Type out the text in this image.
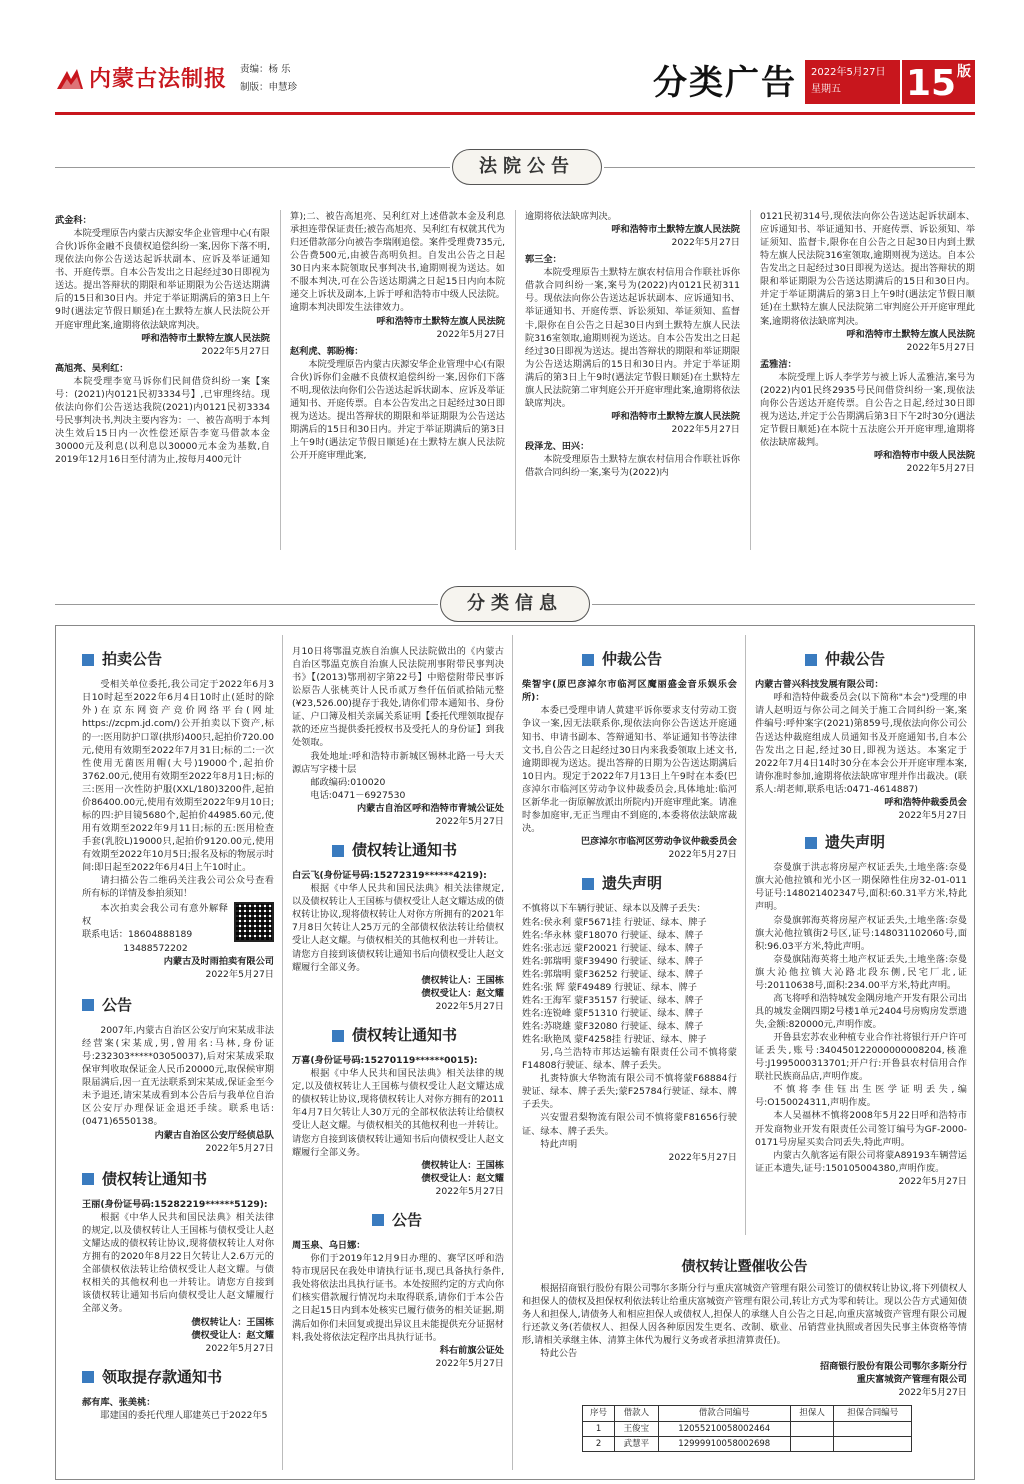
内蒙古法制报 责编：杨 乐
制版：申慧珍	分类广告 2022年5月27日
星期五	15 版
法院公告
武金科：

本院受理原告内蒙古庆源安华企业管理中心(有限合伙)诉你金融不良债权追偿纠纷一案,因你下落不明,现依法向你公告送达起诉状副本、应诉及举证通知书、开庭传票。自本公告发出之日起经过30日即视为送达。提出答辩状的期限和举证期限为公告送达期满后的15日和30日内。并定于举证期满后的第3日上午9时(遇法定节假日顺延)在土默特左旗人民法院公开开庭审理此案,逾期将依法缺席判决。

呼和浩特市土默特左旗人民法院
2022年5月27日
高旭亮、吴利红：

本院受理李宽马诉你们民间借贷纠纷一案【案号：(2021)内0121民初3334号】,已审理终结。现依法向你们公告送达我院(2021)内0121民初3334号民事判决书,判决主要内容为：一、被告高明于本判决生效后15日内一次性偿还原告李宽马借款本金30000元及利息(以利息以30000元本金为基数,自2019年12月16日至付清为止,按每月400元计

算);二、被告高旭亮、吴利红对上述借款本金及利息承担连带保证责任;被告高旭亮、吴利红有权就其代为归还借款部分向被告李瑞刚追偿。案件受理费735元,公告费500元,由被告高明负担。自发出公告之日起30日内来本院领取民事判决书,逾期则视为送达。如不服本判决,可在公告送达期满之日起15日内向本院递交上诉状及副本,上诉于呼和浩特市中级人民法院。逾期本判决即发生法律效力。

呼和浩特市土默特左旗人民法院
2022年5月27日
赵利虎、郭盼梅：

本院受理原告内蒙古庆源安华企业管理中心(有限合伙)诉你们金融不良债权追偿纠纷一案,因你们下落不明,现依法向你们公告送达起诉状副本、应诉及举证通知书、开庭传票。自本公告发出之日起经过30日即视为送达。提出答辩状的期限和举证期限为公告送达期满后的15日和30日内。并定于举证期满后的第3日上午9时(遇法定节假日顺延)在土默特左旗人民法院公开开庭审理此案,

逾期将依法缺席判决。

呼和浩特市土默特左旗人民法院
2022年5月27日
郭三全：

本院受理原告土默特左旗农村信用合作联社诉你借款合同纠纷一案,案号为(2022)内0121民初311号。现依法向你公告送达起诉状副本、应诉通知书、举证通知书、开庭传票、诉讼须知、举证须知、监督卡,限你在自公告之日起30日内到土默特左旗人民法院316室领取,逾期则视为送达。自本公告发出之日起经过30日即视为送达。提出答辩状的期限和举证期限为公告送达期满后的15日和30日内。并定于举证期满后的第3日上午9时(遇法定节假日顺延)在土默特左旗人民法院第二审判庭公开开庭审理此案,逾期将依法缺席判决。

呼和浩特市土默特左旗人民法院
2022年5月27日
段泽龙、田兴：

本院受理原告土默特左旗农村信用合作联社诉你借款合同纠纷一案,案号为(2022)内

0121民初314号,现依法向你公告送达起诉状副本、应诉通知书、举证通知书、开庭传票、诉讼须知、举证须知、监督卡,限你在自公告之日起30日内到土默特左旗人民法院316室领取,逾期则视为送达。自本公告发出之日起经过30日即视为送达。提出答辩状的期限和举证期限为公告送达期满后的15日和30日内。并定于举证期满后的第3日上午9时(遇法定节假日顺延)在土默特左旗人民法院第二审判庭公开开庭审理此案,逾期将依法缺席判决。

呼和浩特市土默特左旗人民法院
2022年5月27日
孟雅洁：

本院受理上诉人李学芳与被上诉人孟雅洁,案号为(2022)内01民终2935号民间借贷纠纷一案,现依法向你公告送达开庭传票。自公告之日起,经过30日即视为送达,并定于公告期满后第3日下午2时30分(遇法定节假日顺延)在本院十五法庭公开开庭审理,逾期将依法缺席裁判。

呼和浩特市中级人民法院
2022年5月27日
分类信息
拍卖公告

受相关单位委托,我公司定于2022年6月3日10时起至2022年6月4日10时止(延时的除外)在京东网资产竞价网络平台(网址https://zcpm.jd.com/)公开拍卖以下资产,标的一:医用防护口罩(拱形)400只,起拍价720.00元,使用有效期至2022年7月31日;标的二:一次性使用无菌医用帽(大号)19000个,起拍价3762.00元,使用有效期至2022年8月1日;标的三:医用一次性防护服(XXL/180)3200件,起拍价86400.00元,使用有效期至2022年9月10日;标的四:护目镜5680个,起拍价44985.60元,使用有效期至2022年9月11日;标的五:医用检查手套(乳胶L)19000只,起拍价9120.00元,使用有效期至2022年10月5日;报名及标的物展示时间:即日起至2022年6月4日上午10时止。

请扫描公告二维码关注我公司公众号查看所有标的详情及参拍须知！

本次拍卖会我公司有意外解释权

联系电话：18604888189
13488572202
内蒙古及时雨拍卖有限公司
2022年5月27日
公告

2007年,内蒙古自治区公安厅向宋某成非法经营案(宋某成,男,曾用名:马林,身份证号:232303*****03050037),后对宋某成采取保审判收取保证金人民币20000元,取保候审期限届满后,因一直无法联系到宋某成,保证金至今未予退还,请宋某成看到本公告后与我单位自治区公安厅办理保证金退还手续。联系电话:(0471)6550138。

内蒙古自治区公安厅经侦总队
2022年5月27日
债权转让通知书
王丽(身份证号码:15282219******5129):

根据《中华人民共和国民法典》相关法律的规定,以及债权转让人王国栋与债权受让人赵文耀达成的债权转让协议,现将债权转让人对你方拥有的2020年8月22日欠转让人2.6万元的全部债权依法转让给债权受让人赵文耀。与债权相关的其他权利也一并转让。请您方自接到该债权转让通知书后向债权受让人赵文耀履行全部义务。

债权转让人：王国栋
债权受让人：赵文耀
2022年5月27日
领取提存款通知书
郝有库、张美桃：

耶建国的委托代理人耶建英已于2022年5

月10日将鄂温克族自治旗人民法院做出的《内蒙古自治区鄂温克族自治旗人民法院刑事附带民事判决书》【(2013)鄂刑初字第22号】中赔偿附带民事诉讼原告人张桃英计人民币贰万叁仟伍佰贰拾陆元整(¥23,526.00)提存于我处,请你们带本通知书、身份证、户口簿及相关亲属关系证明【委托代理领取提存款的还应当提供委托授权书及受托人的身份证】到我处领取。

我处地址:呼和浩特市新城区锡林北路一号大天源店写字楼十层

邮政编码:010020

电话:0471－6927530

内蒙古自治区呼和浩特市青城公证处
2022年5月27日
债权转让通知书
白云飞(身份证号码:15272319******4219):

根据《中华人民共和国民法典》相关法律规定,以及债权转让人王国栋与债权受让人赵文耀达成的债权转让协议,现将债权转让人对你方所拥有的2021年7月8日欠转让人25万元的全部债权依法转让给债权受让人赵文耀。与债权相关的其他权利也一并转让。请您方自接到该债权转让通知书后向债权受让人赵文耀履行全部义务。

债权转让人：王国栋
债权受让人：赵文耀
2022年5月27日
债权转让通知书
万喜(身份证号码:15270119******0015):

根据《中华人民共和国民法典》相关法律的规定,以及债权转让人王国栋与债权受让人赵文耀达成的债权转让协议,现将债权转让人对你方拥有的2011年4月7日欠转让人30万元的全部权依法转让给债权受让人赵文耀。与债权相关的其他权利也一并转让。请您方自接到该债权转让通知书后向债权受让人赵文耀履行全部义务。

债权转让人：王国栋
债权受让人：赵文耀
2022年5月27日
公告
周玉泉、乌日娜：

你们于2019年12月9日办理的、赛罕区呼和浩特市现居民在我处申请执行证书,现已具备执行条件,我处将依法出具执行证书。本处按照约定的方式向你们核实借款履行情况均未取得联系,请你们于本公告之日起15日内到本处核实已履行债务的相关证据,期满后如你们未回复或提出异议且未能提供充分证据材料,我处将依法定程序出具执行证书。

科右前旗公证处
2022年5月27日
仲裁公告
柴智宇(原巴彦淖尔市临河区魔丽盛金音乐娱乐会所)：

本委已受理申请人黄建平诉你要求支付劳动工资争议一案,因无法联系你,现依法向你公告送达开庭通知书、申请书副本、答辩通知书、举证通知书等法律文书,自公告之日起经过30日内来我委领取上述文书,逾期即视为送达。提出答辩的日期为公告送达期满后10日内。现定于2022年7月13日上午9时在本委(巴彦淖尔市临河区劳动争议仲裁委员会,具体地址:临河区新华北一街原解放派出所院内)开庭审理此案。请准时参加庭审,无正当理由不到庭的,本委将依法缺席裁决。

巴彦淖尔市临河区劳动争议仲裁委员会
2022年5月27日
遗失声明
不慎将以下车辆行驶证、绿本以及牌子丢失：
姓名:侯永利 蒙F5671挂 行驶证、绿本、牌子
姓名:华永林 蒙F18070 行驶证、绿本、牌子
姓名:张志远 蒙F20021 行驶证、绿本、牌子
姓名:郭瑞明 蒙F39490 行驶证、绿本、牌子
姓名:郭瑞明 蒙F36252 行驶证、绿本、牌子
姓名:张 辉 蒙F49489 行驶证、绿本、牌子
姓名:王海军 蒙F35157 行驶证、绿本、牌子
姓名:连锐峰 蒙F51310 行驶证、绿本、牌子
姓名:苏晓雄 蒙F32080 行驶证、绿本、牌子
姓名:耿艳凤 蒙F4258挂 行驶证、绿本、牌子

另,乌兰浩特市邦达运输有限责任公司不慎将蒙F14808行驶证、绿本、牌子丢失。

扎赉特旗大华物流有限公司不慎将蒙F68884行驶证、绿本、牌子丢失;蒙F25784行驶证、绿本、牌子丢失。

兴安盟君梨物流有限公司不慎将蒙F81656行驶证、绿本、牌子丢失。

特此声明

2022年5月27日
仲裁公告
内蒙古普兴科技发展有限公司：

呼和浩特仲裁委员会(以下简称"本会")受理的申请人赵明迈与你公司之间关于施工合同纠纷一案,案件编号:呼仲案字(2021)第859号,现依法向你公司公告送达仲裁庭组成人员通知书及开庭通知书,自本公告发出之日起,经过30日,即视为送达。本案定于2022年7月4日14时30分在本会公开开庭审理本案,请你准时参加,逾期将依法缺席审理并作出裁决。(联系人:胡老师,联系电话:0471-4614887)

呼和浩特仲裁委员会
2022年5月27日
遗失声明

奈曼旗于洪志将房屋产权证丢失,土地坐落:奈曼旗大沁他拉镇和光小区一期保障性住房32-01-011号证号:148021402347号,面积:60.31平方米,特此声明。

奈曼旗郭海英将房屋产权证丢失,土地坐落:奈曼旗大沁他拉镇街2号区,证号:148031102060号,面积:96.03平方米,特此声明。

奈曼旗陆海英将土地产权证丢失,土地坐落:奈曼旗大沁他拉镇大沁路北段东侧,民宅厂北,证号:20110638号,面积:234.00平方米,特此声明。

高飞将呼和浩特城发金隅房地产开发有限公司出具的城发金隅四期2号楼1单元2404号房购房发票遗失,金额:820000元,声明作废。

开鲁县宏苏农业种植专业合作社将银行开户许可证丢失,账号:340450122000000008204,核准号:J1995000313701;开户行:开鲁县农村信用合作联社民族商品店,声明作废。

不慎将李佳钰出生医学证明丢失,编号:O150024311,声明作废。

本人吴福林不慎将2008年5月22日呼和浩特市开发商物业开发有限责任公司签订编号为GF-2000-0171号房屋买卖合同丢失,特此声明。

内蒙古久航客运有限公司将蒙A89193车辆营运证正本遗失,证号:150105004380,声明作废。

2022年5月27日
债权转让暨催收公告

根据招商银行股份有限公司鄂尔多斯分行与重庆富城资产管理有限公司签订的债权转让协议,将下列债权人和担保人的债权及担保权利依法转让给重庆富城资产管理有限公司,转让方式为零和转让。现以公告方式通知债务人和担保人,请债务人和相应担保人或债权人,担保人的承继人自公告之日起,向重庆富城资产管理有限公司履行还款义务(若债权人、担保人因各种原因发生更名、改制、歇业、吊销营业执照或者因失民事主体资格等情形,请相关承继主体、清算主体代为履行义务或者承担清算责任)。

特此公告

招商银行股份有限公司鄂尔多斯分行
重庆富城资产管理有限公司
2022年5月27日
序号	借款人	借款合同编号	担保人	担保合同编号
1	王俊宝	12055210058002464		
2	武慧平	12999910058002698		
